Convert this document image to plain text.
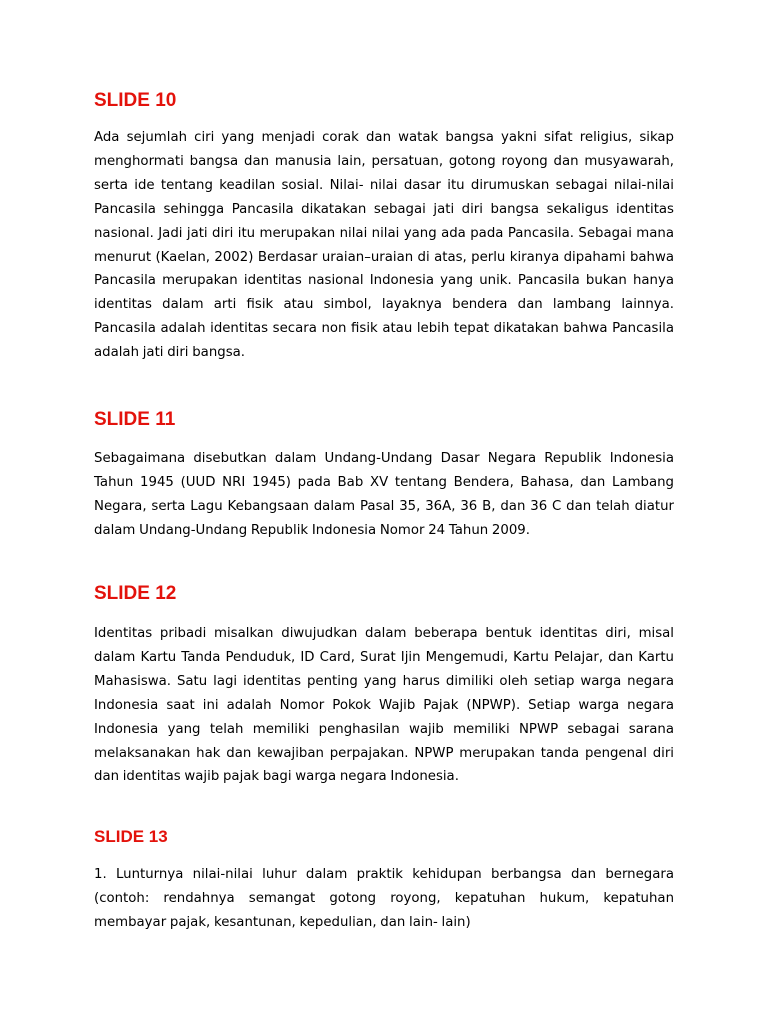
SLIDE 10

Ada sejumlah ciri yang menjadi corak dan watak bangsa yakni sifat religius, sikap menghormati bangsa dan manusia lain, persatuan, gotong royong dan musyawarah, serta ide tentang keadilan sosial. Nilai- nilai dasar itu dirumuskan sebagai nilai-nilai Pancasila sehingga Pancasila dikatakan sebagai jati diri bangsa sekaligus identitas nasional. Jadi jati diri itu merupakan nilai nilai yang ada pada Pancasila. Sebagai mana menurut (Kaelan, 2002) Berdasar uraian–uraian di atas, perlu kiranya dipahami bahwa Pancasila merupakan identitas nasional Indonesia yang unik. Pancasila bukan hanya identitas dalam arti fisik atau simbol, layaknya bendera dan lambang lainnya. Pancasila adalah identitas secara non fisik atau lebih tepat dikatakan bahwa Pancasila adalah jati diri bangsa.

SLIDE 11

Sebagaimana disebutkan dalam Undang-Undang Dasar Negara Republik Indonesia Tahun 1945 (UUD NRI 1945) pada Bab XV tentang Bendera, Bahasa, dan Lambang Negara, serta Lagu Kebangsaan dalam Pasal 35, 36A, 36 B, dan 36 C dan telah diatur dalam Undang-Undang Republik Indonesia Nomor 24 Tahun 2009.

SLIDE 12

Identitas pribadi misalkan diwujudkan dalam beberapa bentuk identitas diri, misal dalam Kartu Tanda Penduduk, ID Card, Surat Ijin Mengemudi, Kartu Pelajar, dan Kartu Mahasiswa. Satu lagi identitas penting yang harus dimiliki oleh setiap warga negara Indonesia saat ini adalah Nomor Pokok Wajib Pajak (NPWP). Setiap warga negara Indonesia yang telah memiliki penghasilan wajib memiliki NPWP sebagai sarana melaksanakan hak dan kewajiban perpajakan. NPWP merupakan tanda pengenal diri dan identitas wajib pajak bagi warga negara Indonesia.

SLIDE 13

1. Lunturnya nilai-nilai luhur dalam praktik kehidupan berbangsa dan bernegara (contoh: rendahnya semangat gotong royong, kepatuhan hukum, kepatuhan membayar pajak, kesantunan, kepedulian, dan lain- lain)
